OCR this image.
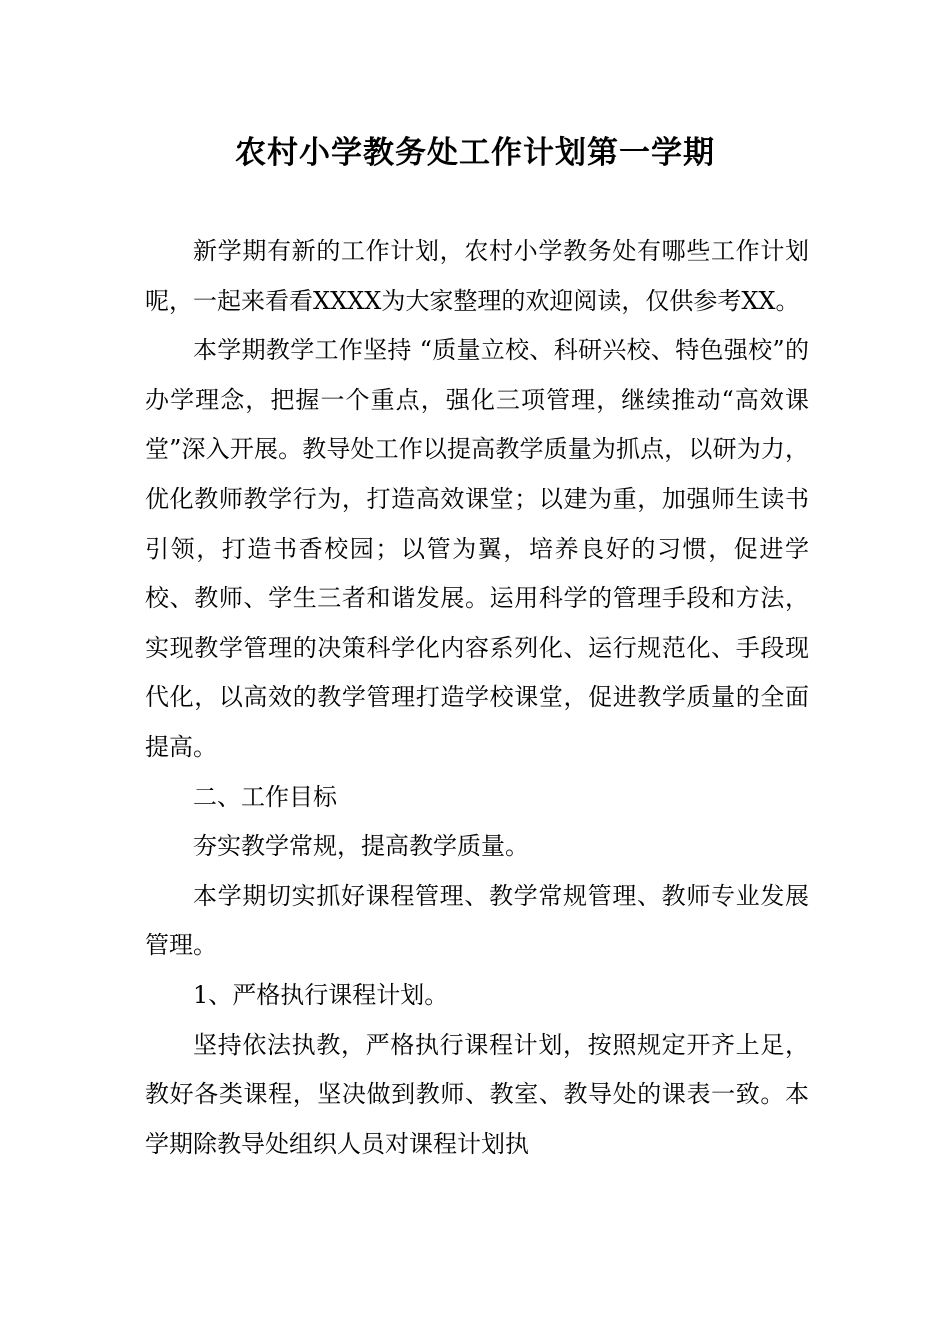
农村小学教务处工作计划第一学期

新学期有新的工作计划，农村小学教务处有哪些工作计划呢，一起来看看XXXX为大家整理的欢迎阅读，仅供参考XX。

本学期教学工作坚持 “质量立校、科研兴校、特色强校”的办学理念，把握一个重点，强化三项管理，继续推动“高效课堂”深入开展。教导处工作以提高教学质量为抓点，以研为力，优化教师教学行为，打造高效课堂；以建为重，加强师生读书引领，打造书香校园；以管为翼，培养良好的习惯，促进学校、教师、学生三者和谐发展。运用科学的管理手段和方法，实现教学管理的决策科学化内容系列化、运行规范化、手段现代化，以高效的教学管理打造学校课堂，促进教学质量的全面提高。

二、工作目标

夯实教学常规，提高教学质量。

本学期切实抓好课程管理、教学常规管理、教师专业发展管理。

1、严格执行课程计划。

坚持依法执教，严格执行课程计划，按照规定开齐上足，教好各类课程，坚决做到教师、教室、教导处的课表一致。本学期除教导处组织人员对课程计划执
